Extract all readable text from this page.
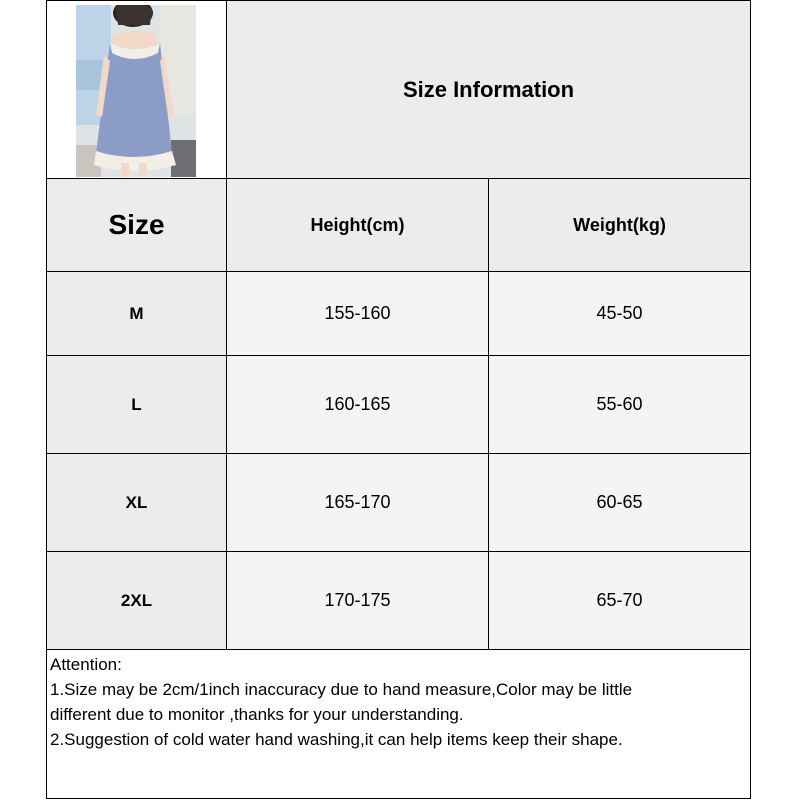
Size Information
Size	Height(cm)	Weight(kg)
M	155-160	45-50
L	160-165	55-60
XL	165-170	60-65
2XL	170-175	65-70
Attention:
1.Size may be 2cm/1inch inaccuracy due to hand measure,Color may be little
different due to monitor ,thanks for your understanding.
2.Suggestion of cold water hand washing,it can help items keep their shape.
